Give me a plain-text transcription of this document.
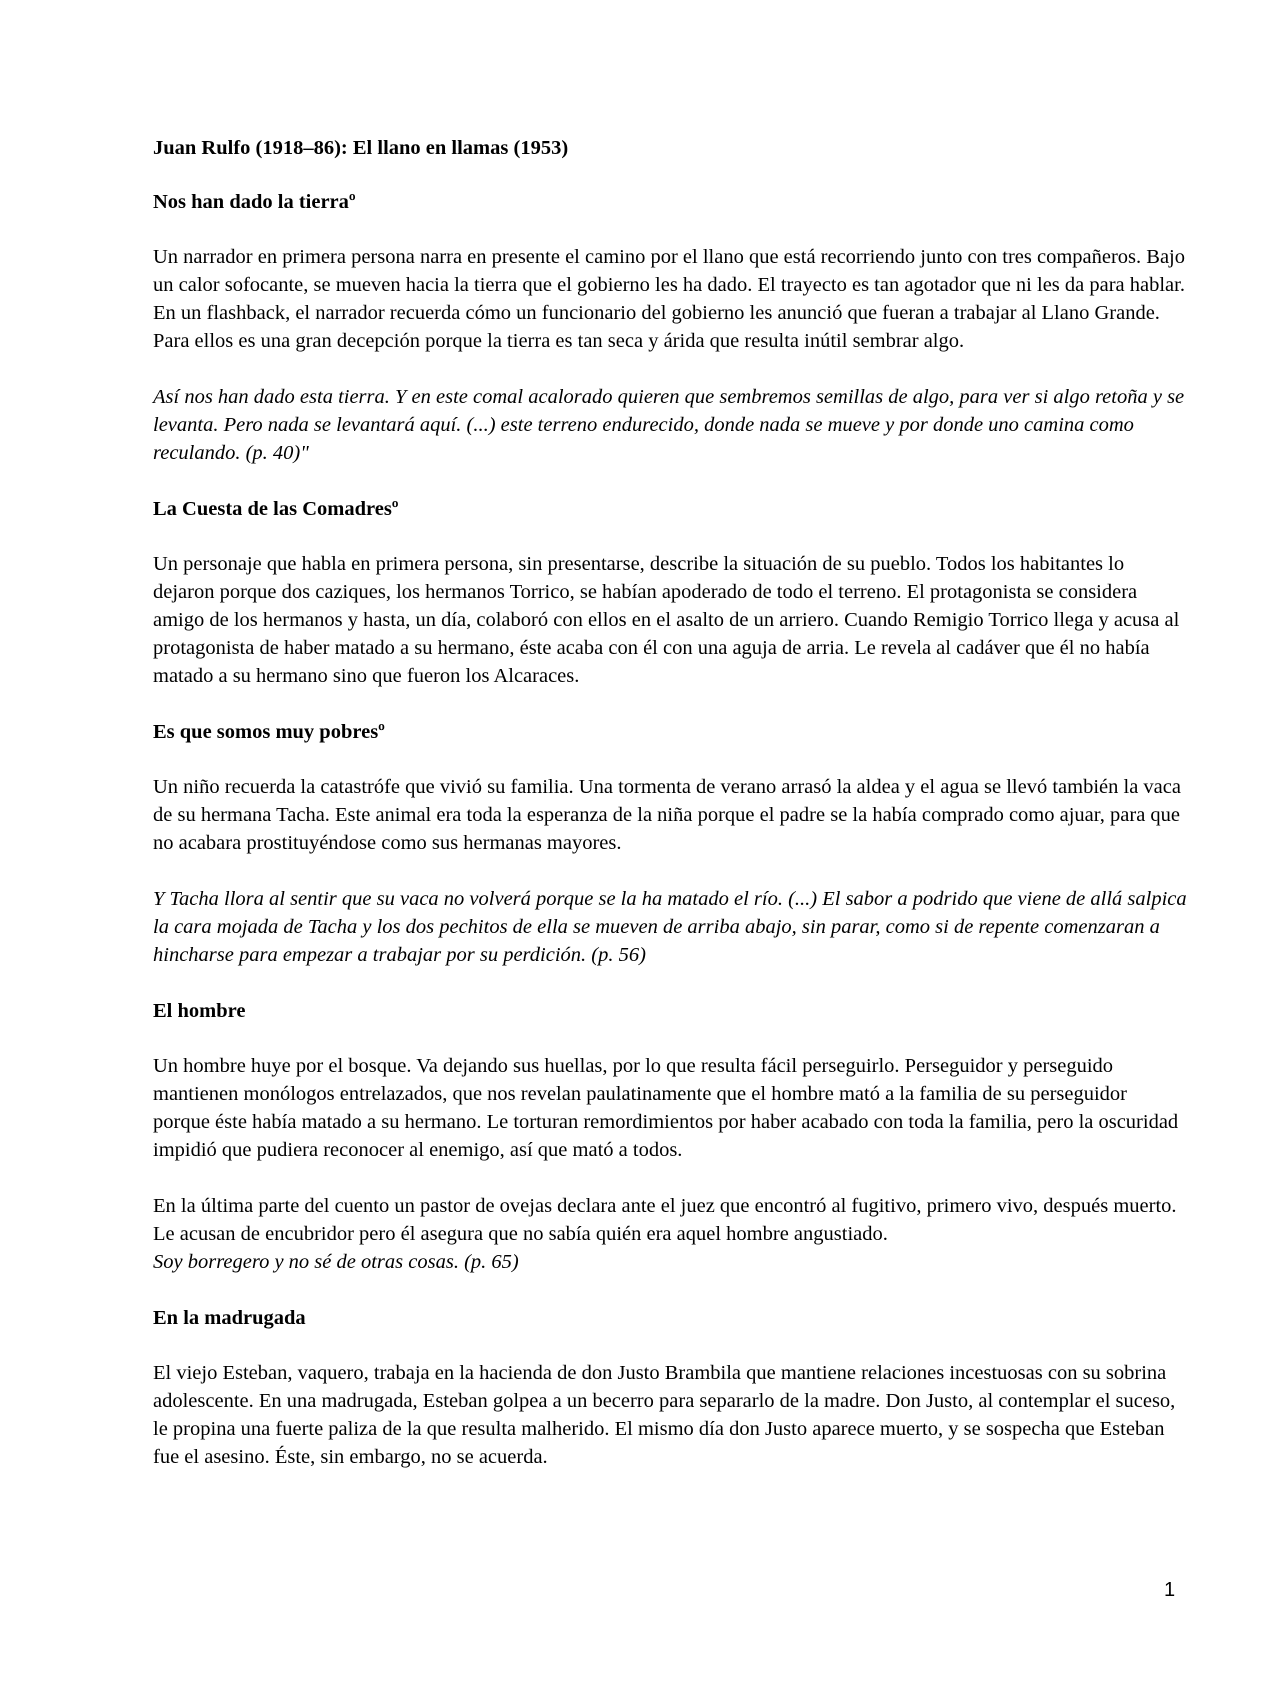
Juan Rulfo (1918–86): El llano en llamas (1953)
Nos han dado la tierraº
Un narrador en primera persona narra en presente el camino por el llano que está recorriendo junto con tres compañeros. Bajo un calor sofocante, se mueven hacia la tierra que el gobierno les ha dado. El trayecto es tan agotador que ni les da para hablar. En un flashback, el narrador recuerda cómo un funcionario del gobierno les anunció que fueran a trabajar al Llano Grande. Para ellos es una gran decepción porque la tierra es tan seca y árida que resulta inútil sembrar algo.
Así nos han dado esta tierra. Y en este comal acalorado quieren que sembremos semillas de algo, para ver si algo retoña y se levanta. Pero nada se levantará aquí. (...) este terreno endurecido, donde nada se mueve y por donde uno camina como reculando. (p. 40)"
La Cuesta de las Comadresº
Un personaje que habla en primera persona, sin presentarse, describe la situación de su pueblo. Todos los habitantes lo dejaron porque dos caziques, los hermanos Torrico, se habían apoderado de todo el terreno. El protagonista se considera amigo de los hermanos y hasta, un día, colaboró con ellos en el asalto de un arriero. Cuando Remigio Torrico llega y acusa al protagonista de haber matado a su hermano, éste acaba con él con una aguja de arria. Le revela al cadáver que él no había matado a su hermano sino que fueron los Alcaraces.
Es que somos muy pobresº
Un niño recuerda la catastrófe que vivió su familia. Una tormenta de verano arrasó la aldea y el agua se llevó también la vaca de su hermana Tacha. Este animal era toda la esperanza de la niña porque el padre se la había comprado como ajuar, para que no acabara prostituyéndose como sus hermanas mayores.
Y Tacha llora al sentir que su vaca no volverá porque se la ha matado el río. (...) El sabor a podrido que viene de allá salpica la cara mojada de Tacha y los dos pechitos de ella se mueven de arriba abajo, sin parar, como si de repente comenzaran a hincharse para empezar a trabajar por su perdición. (p. 56)
El hombre
Un hombre huye por el bosque. Va dejando sus huellas, por lo que resulta fácil perseguirlo. Perseguidor y perseguido mantienen monólogos entrelazados, que nos revelan paulatinamente que el hombre mató a la familia de su perseguidor porque éste había matado a su hermano. Le torturan remordimientos por haber acabado con toda la familia, pero la oscuridad impidió que pudiera reconocer al enemigo, así que mató a todos.
En la última parte del cuento un pastor de ovejas declara ante el juez que encontró al fugitivo, primero vivo, después muerto. Le acusan de encubridor pero él asegura que no sabía quién era aquel hombre angustiado.
Soy borregero y no sé de otras cosas. (p. 65)
En la madrugada
El viejo Esteban, vaquero, trabaja en la hacienda de don Justo Brambila que mantiene relaciones incestuosas con su sobrina adolescente. En una madrugada, Esteban golpea a un becerro para separarlo de la madre. Don Justo, al contemplar el suceso, le propina una fuerte paliza de la que resulta malherido. El mismo día don Justo aparece muerto, y se sospecha que Esteban fue el asesino. Éste, sin embargo, no se acuerda.
1
